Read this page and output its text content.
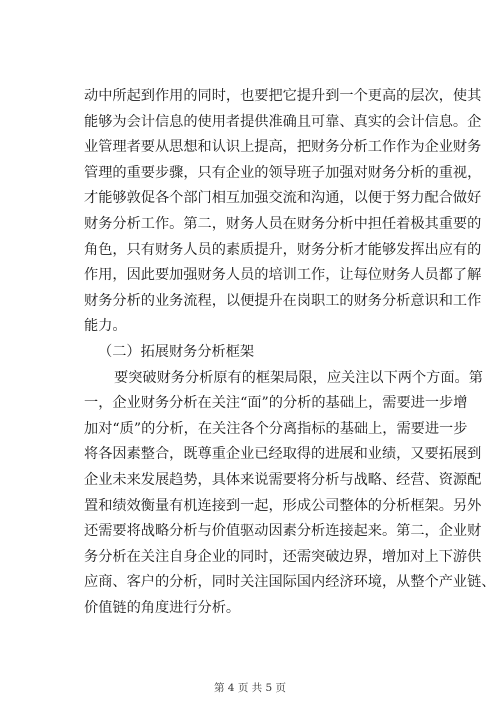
动中所起到作用的同时，也要把它提升到一个更高的层次，使其
能够为会计信息的使用者提供准确且可靠、真实的会计信息。企
业管理者要从思想和认识上提高，把财务分析工作作为企业财务
管理的重要步骤，只有企业的领导班子加强对财务分析的重视，
才能够敦促各个部门相互加强交流和沟通，以便于努力配合做好
财务分析工作。第二，财务人员在财务分析中担任着极其重要的
角色，只有财务人员的素质提升，财务分析才能够发挥出应有的
作用，因此要加强财务人员的培训工作，让每位财务人员都了解
财务分析的业务流程，以便提升在岗职工的财务分析意识和工作
能力。
（二）拓展财务分析框架
要突破财务分析原有的框架局限，应关注以下两个方面。第
一，企业财务分析在关注“面”的分析的基础上，需要进一步增
加对“质”的分析，在关注各个分离指标的基础上，需要进一步
将各因素整合，既尊重企业已经取得的进展和业绩，又要拓展到
企业未来发展趋势，具体来说需要将分析与战略、经营、资源配
置和绩效衡量有机连接到一起，形成公司整体的分析框架。另外
还需要将战略分析与价值驱动因素分析连接起来。第二，企业财
务分析在关注自身企业的同时，还需突破边界，增加对上下游供
应商、客户的分析，同时关注国际国内经济环境，从整个产业链、
价值链的角度进行分析。
第 4 页 共 5 页
